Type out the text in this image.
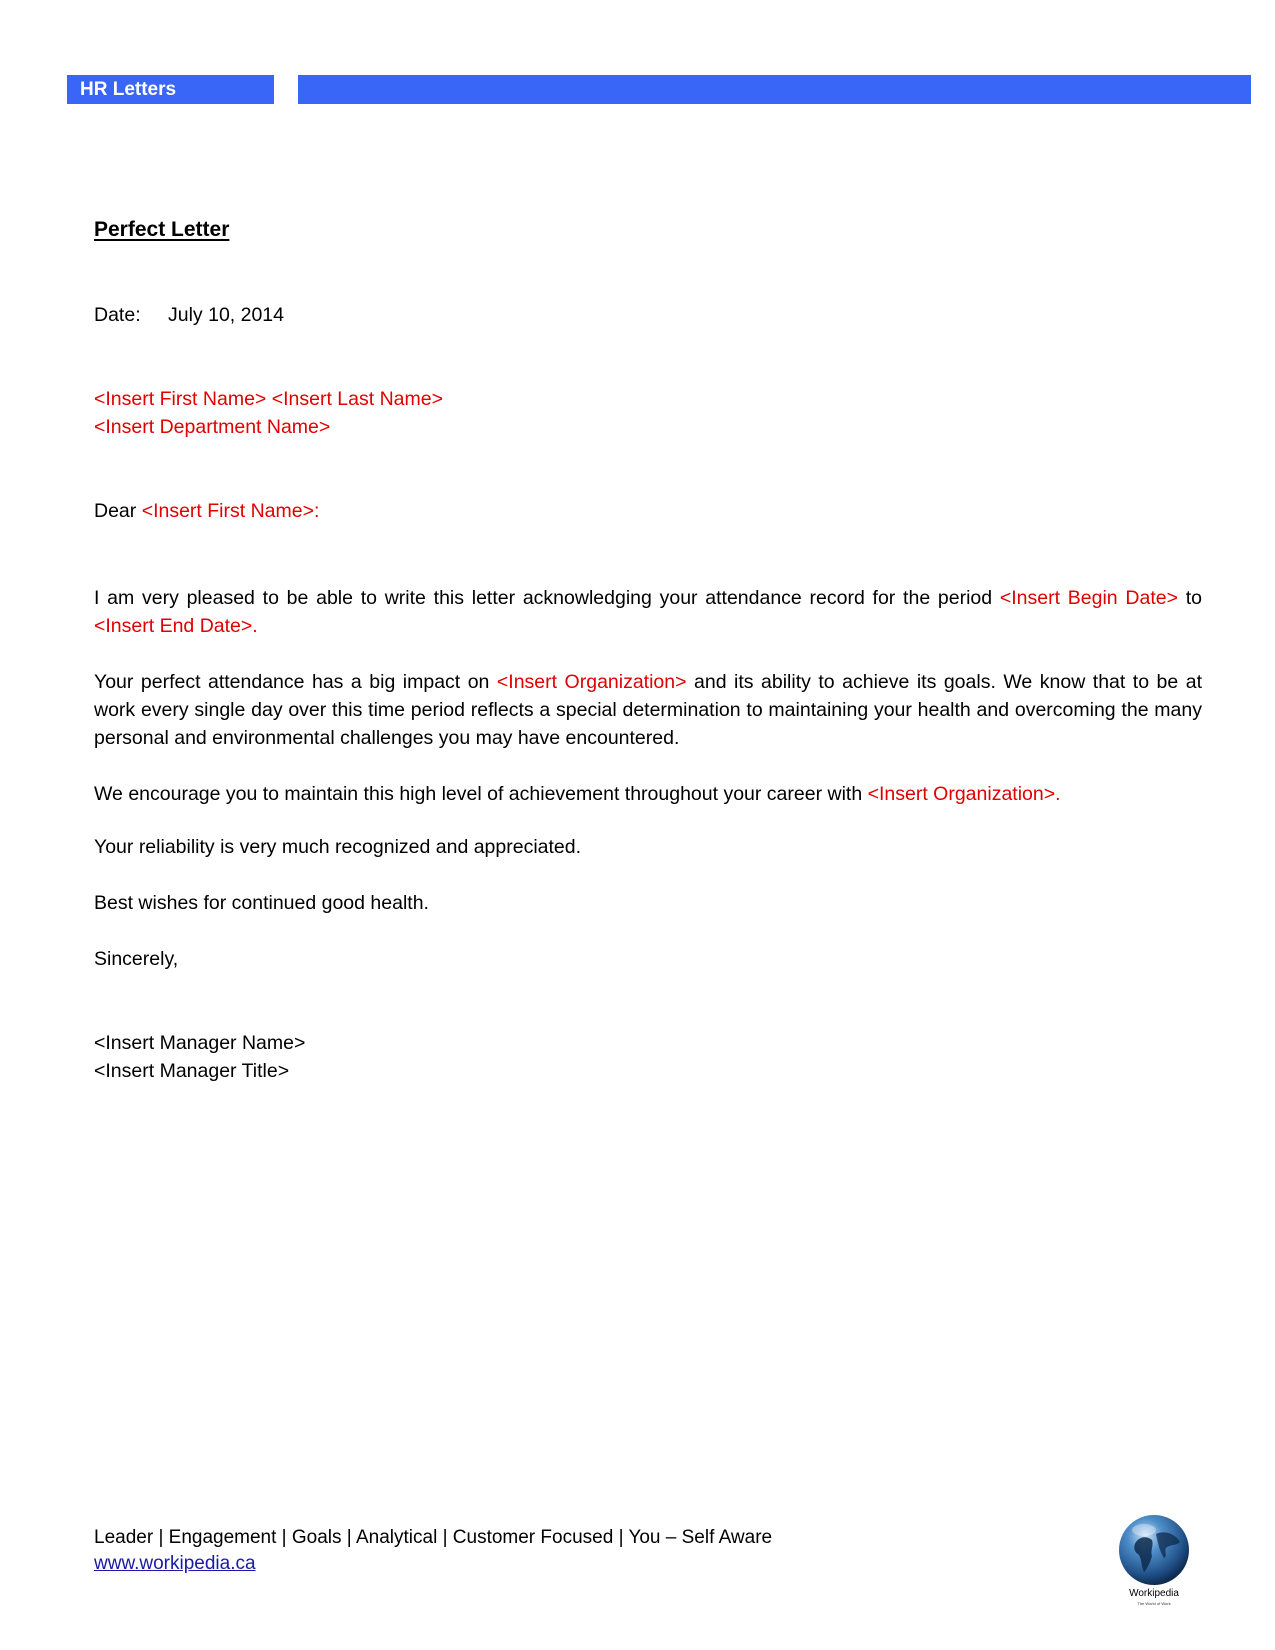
HR Letters
Perfect Letter
Date: July 10, 2014
<Insert First Name> <Insert Last Name>
<Insert Department Name>
Dear <Insert First Name>:
I am very pleased to be able to write this letter acknowledging your attendance record for the period <Insert Begin Date> to <Insert End Date>.
Your perfect attendance has a big impact on <Insert Organization> and its ability to achieve its goals. We know that to be at work every single day over this time period reflects a special determination to maintaining your health and overcoming the many personal and environmental challenges you may have encountered.
We encourage you to maintain this high level of achievement throughout your career with <Insert Organization>.
Your reliability is very much recognized and appreciated.
Best wishes for continued good health.
Sincerely,
<Insert Manager Name>
<Insert Manager Title>
Leader | Engagement | Goals | Analytical | Customer Focused | You – Self Aware
www.workipedia.ca
Workipedia
The World of Work
